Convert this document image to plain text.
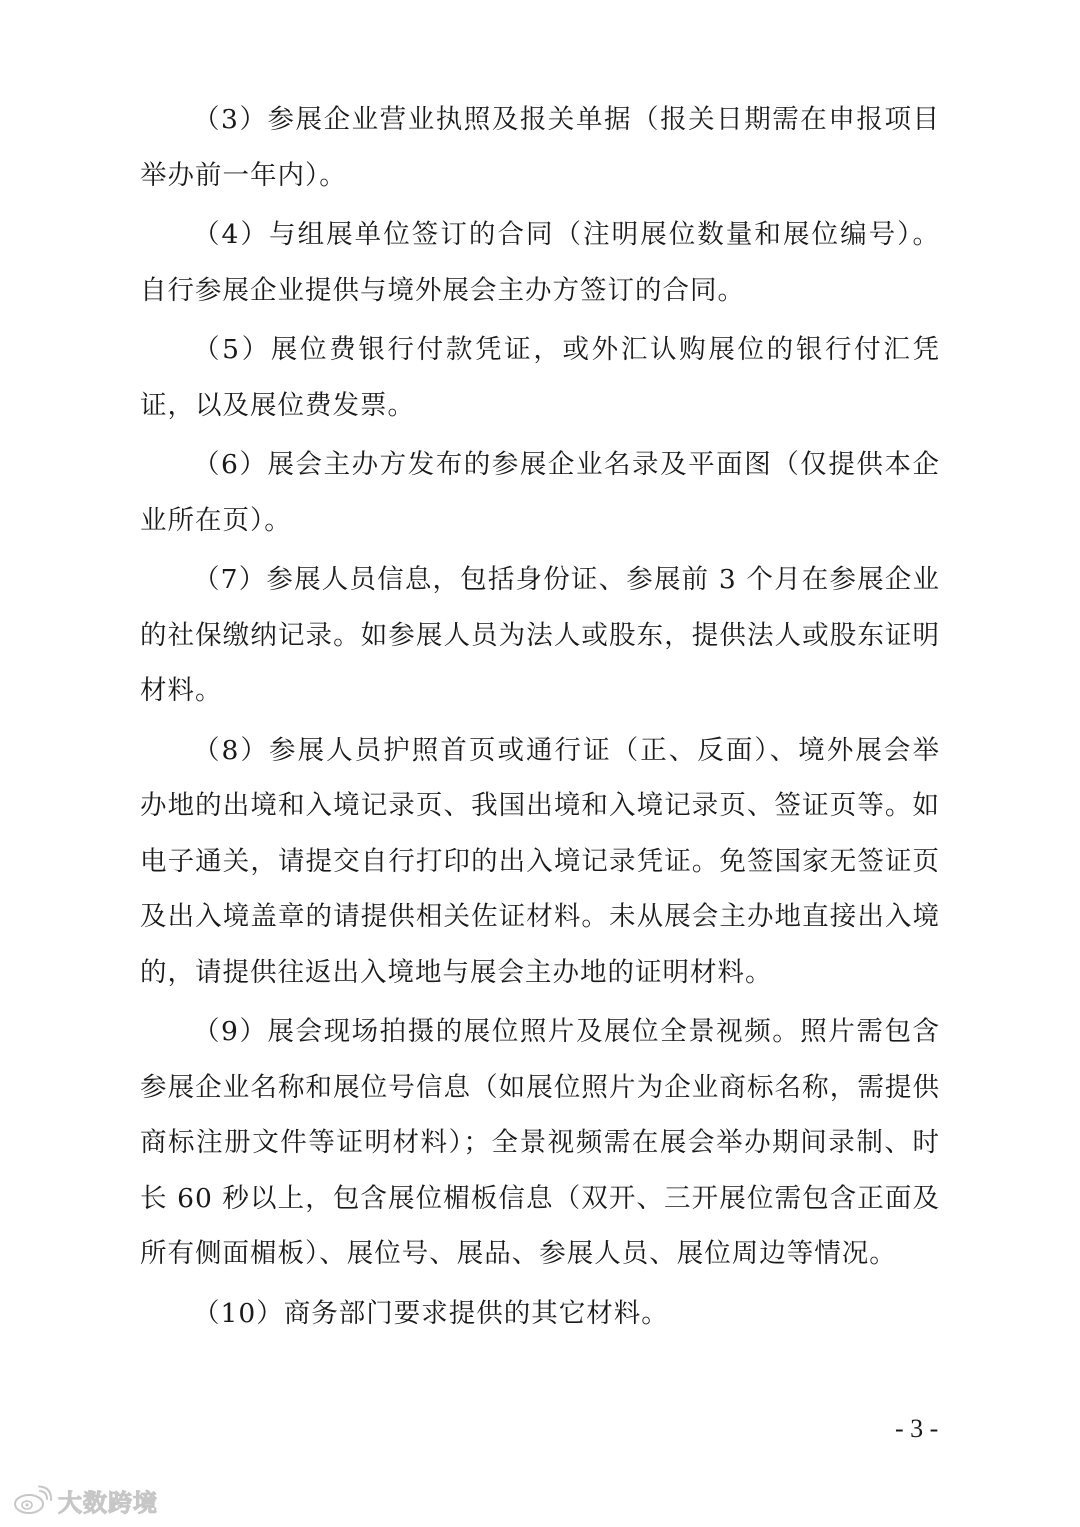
（3）参展企业营业执照及报关单据（报关日期需在申报项目举办前一年内）。

（4）与组展单位签订的合同（注明展位数量和展位编号）。自行参展企业提供与境外展会主办方签订的合同。

（5）展位费银行付款凭证，或外汇认购展位的银行付汇凭证，以及展位费发票。

（6）展会主办方发布的参展企业名录及平面图（仅提供本企业所在页）。

（7）参展人员信息，包括身份证、参展前 3 个月在参展企业的社保缴纳记录。如参展人员为法人或股东，提供法人或股东证明材料。

（8）参展人员护照首页或通行证（正、反面）、境外展会举办地的出境和入境记录页、我国出境和入境记录页、签证页等。如电子通关，请提交自行打印的出入境记录凭证。免签国家无签证页及出入境盖章的请提供相关佐证材料。未从展会主办地直接出入境的，请提供往返出入境地与展会主办地的证明材料。

（9）展会现场拍摄的展位照片及展位全景视频。照片需包含参展企业名称和展位号信息（如展位照片为企业商标名称，需提供商标注册文件等证明材料）；全景视频需在展会举办期间录制、时长 60 秒以上，包含展位楣板信息（双开、三开展位需包含正面及所有侧面楣板）、展位号、展品、参展人员、展位周边等情况。

（10）商务部门要求提供的其它材料。

- 3 -
大数跨境
